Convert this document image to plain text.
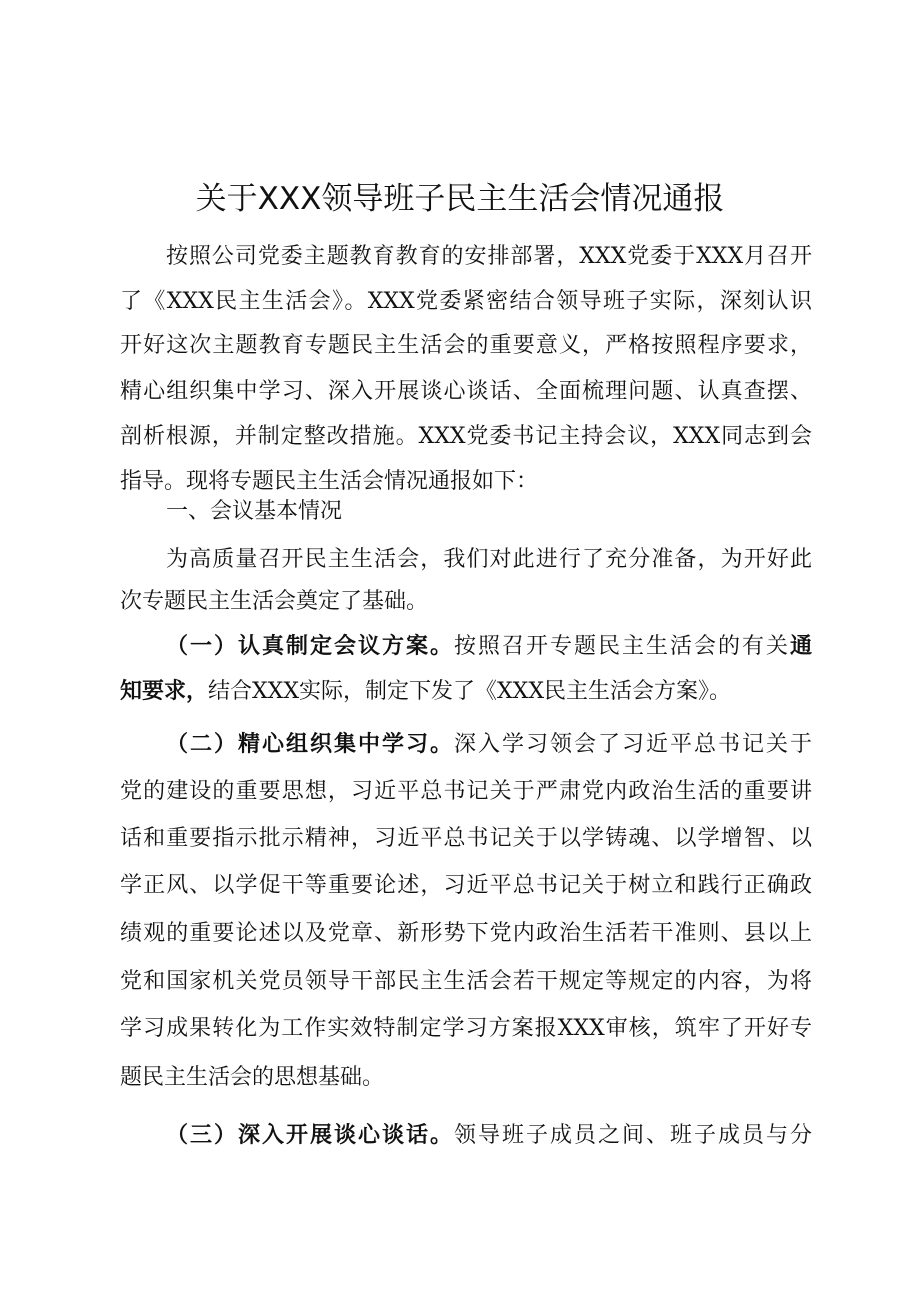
关于XXX领导班子民主生活会情况通报
按照公司党委主题教育教育的安排部署，XXX党委于XXX月召开
了《XXX民主生活会》。XXX党委紧密结合领导班子实际，深刻认识
开好这次主题教育专题民主生活会的重要意义，严格按照程序要求，
精心组织集中学习、深入开展谈心谈话、全面梳理问题、认真查摆、
剖析根源，并制定整改措施。XXX党委书记主持会议，XXX同志到会
指导。现将专题民主生活会情况通报如下：
一、会议基本情况
为高质量召开民主生活会，我们对此进行了充分准备，为开好此
次专题民主生活会奠定了基础。
（一）认真制定会议方案。按照召开专题民主生活会的有关通
知要求，结合XXX实际，制定下发了《XXX民主生活会方案》。
（二）精心组织集中学习。深入学习领会了习近平总书记关于
党的建设的重要思想，习近平总书记关于严肃党内政治生活的重要讲
话和重要指示批示精神，习近平总书记关于以学铸魂、以学增智、以
学正风、以学促干等重要论述，习近平总书记关于树立和践行正确政
绩观的重要论述以及党章、新形势下党内政治生活若干准则、县以上
党和国家机关党员领导干部民主生活会若干规定等规定的内容，为将
学习成果转化为工作实效特制定学习方案报XXX审核，筑牢了开好专
题民主生活会的思想基础。
（三）深入开展谈心谈话。领导班子成员之间、班子成员与分
